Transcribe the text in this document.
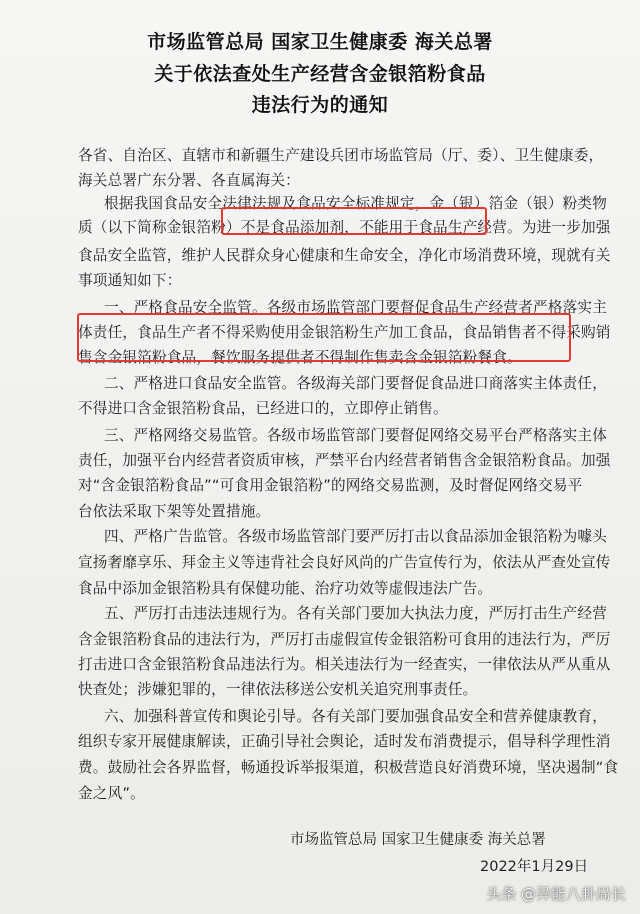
市场监管总局 国家卫生健康委 海关总署
关于依法查处生产经营含金银箔粉食品
违法行为的通知
各省、自治区、直辖市和新疆生产建设兵团市场监管局（厅、委）、卫生健康委，
海关总署广东分署、各直属海关：
根据我国食品安全法律法规及食品安全标准规定，金（银）箔金（银）粉类物
质（以下简称金银箔粉）不是食品添加剂，不能用于食品生产经营。为进一步加强
食品安全监管，维护人民群众身心健康和生命安全，净化市场消费环境，现就有关
事项通知如下：
一、严格食品安全监管。各级市场监管部门要督促食品生产经营者严格落实主
体责任，食品生产者不得采购使用金银箔粉生产加工食品，食品销售者不得采购销
售含金银箔粉食品，餐饮服务提供者不得制作售卖含金银箔粉餐食。
二、严格进口食品安全监管。各级海关部门要督促食品进口商落实主体责任，
不得进口含金银箔粉食品，已经进口的，立即停止销售。
三、严格网络交易监管。各级市场监管部门要督促网络交易平台严格落实主体
责任，加强平台内经营者资质审核，严禁平台内经营者销售含金银箔粉食品。加强
对“含金银箔粉食品”“可食用金银箔粉”的网络交易监测，及时督促网络交易平
台依法采取下架等处置措施。
四、严格广告监管。各级市场监管部门要严厉打击以食品添加金银箔粉为噱头
宣扬奢靡享乐、拜金主义等违背社会良好风尚的广告宣传行为，依法从严查处宣传
食品中添加金银箔粉具有保健功能、治疗功效等虚假违法广告。
五、严厉打击违法违规行为。各有关部门要加大执法力度，严厉打击生产经营
含金银箔粉食品的违法行为，严厉打击虚假宣传金银箔粉可食用的违法行为，严厉
打击进口含金银箔粉食品违法行为。相关违法行为一经查实，一律依法从严从重从
快查处；涉嫌犯罪的，一律依法移送公安机关追究刑事责任。
六、加强科普宣传和舆论引导。各有关部门要加强食品安全和营养健康教育，
组织专家开展健康解读，正确引导社会舆论，适时发布消费提示，倡导科学理性消
费。鼓励社会各界监督，畅通投诉举报渠道，积极营造良好消费环境，坚决遏制“食
金之风”。
市场监管总局 国家卫生健康委 海关总署
2022年1月29日
头条 @异能八卦局长
